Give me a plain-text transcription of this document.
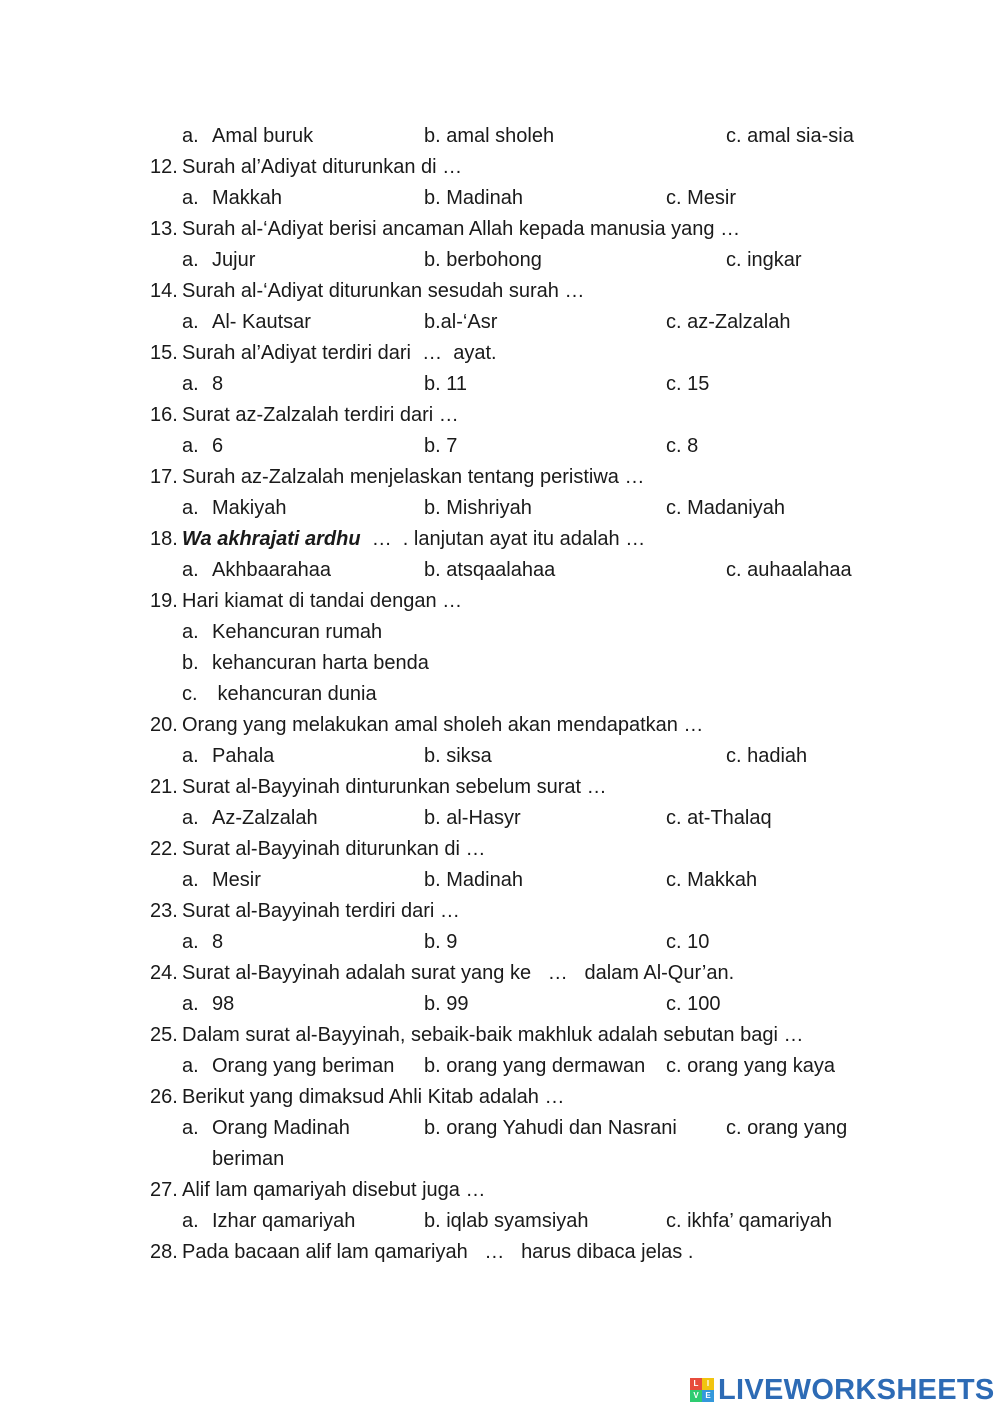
a. Amal buruk	b. amal sholeh	c. amal sia-sia
12. Surah al’Adiyat diturunkan di …
a. Makkah	b. Madinah	c. Mesir
13. Surah al-‘Adiyat berisi ancaman Allah kepada manusia yang …
a. Jujur	b. berbohong	c. ingkar
14. Surah al-‘Adiyat diturunkan sesudah surah …
a. Al- Kautsar	b.al-‘Asr	c. az-Zalzalah
15. Surah al’Adiyat terdiri dari  …  ayat.
a. 8	b. 11	c. 15
16. Surat az-Zalzalah terdiri dari …
a. 6	b. 7	c. 8
17. Surah az-Zalzalah menjelaskan tentang peristiwa …
a. Makiyah	b. Mishriyah	c. Madaniyah
18. Wa akhrajati ardhu  …  . lanjutan ayat itu adalah …
a. Akhbaarahaa	b. atsqaalahaa	c. auhaalahaa
19. Hari kiamat di tandai dengan …
a. Kehancuran rumah
b. kehancuran harta benda
c. kehancuran dunia
20. Orang yang melakukan amal sholeh akan mendapatkan …
a. Pahala	b. siksa	c. hadiah
21. Surat al-Bayyinah dinturunkan sebelum surat …
a. Az-Zalzalah	b. al-Hasyr	c. at-Thalaq
22. Surat al-Bayyinah diturunkan di …
a. Mesir	b. Madinah	c. Makkah
23. Surat al-Bayyinah terdiri dari …
a. 8	b. 9	c. 10
24. Surat al-Bayyinah adalah surat yang ke   …   dalam Al-Qur’an.
a. 98	b. 99	c. 100
25. Dalam surat al-Bayyinah, sebaik-baik makhluk adalah sebutan bagi …
a. Orang yang beriman b. orang yang dermawan c. orang yang kaya
26. Berikut yang dimaksud Ahli Kitab adalah …
a. Orang Madinah	b. orang Yahudi dan Nasrani c. orang yang
beriman
27. Alif lam qamariyah disebut juga …
a. Izhar qamariyah	b. iqlab syamsiyah	c. ikhfa’ qamariyah
28. Pada bacaan alif lam qamariyah   …   harus dibaca jelas .
L	I
V E LIVEWORKSHEETS
